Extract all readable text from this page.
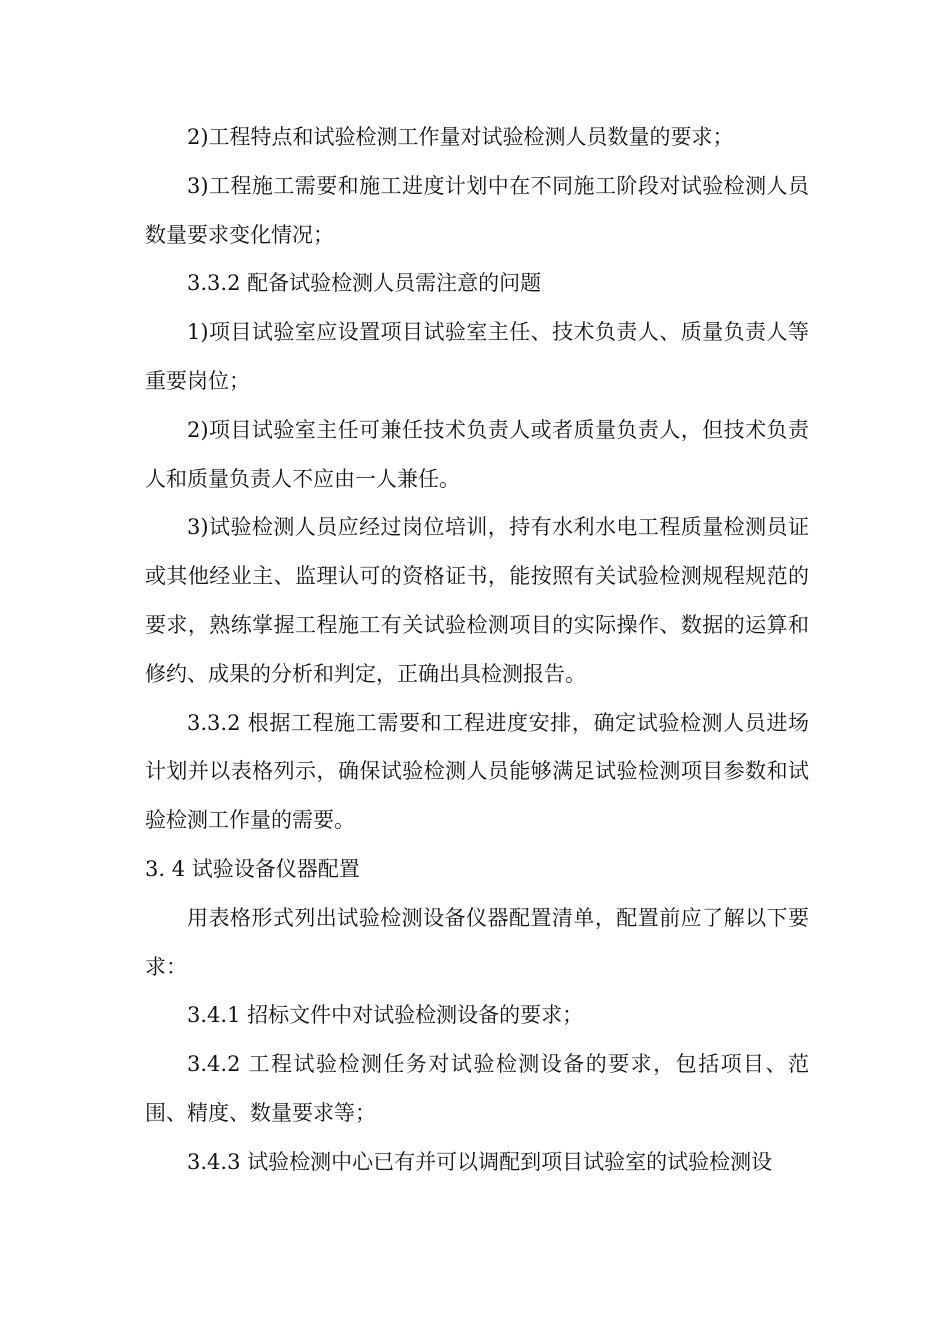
2)工程特点和试验检测工作量对试验检测人员数量的要求；

3)工程施工需要和施工进度计划中在不同施工阶段对试验检测人员数量要求变化情况；

3.3.2 配备试验检测人员需注意的问题

1)项目试验室应设置项目试验室主任、技术负责人、质量负责人等重要岗位；

2)项目试验室主任可兼任技术负责人或者质量负责人，但技术负责人和质量负责人不应由一人兼任。

3)试验检测人员应经过岗位培训，持有水利水电工程质量检测员证或其他经业主、监理认可的资格证书，能按照有关试验检测规程规范的要求，熟练掌握工程施工有关试验检测项目的实际操作、数据的运算和修约、成果的分析和判定，正确出具检测报告。

3.3.2 根据工程施工需要和工程进度安排，确定试验检测人员进场计划并以表格列示，确保试验检测人员能够满足试验检测项目参数和试验检测工作量的需要。

3. 4 试验设备仪器配置

用表格形式列出试验检测设备仪器配置清单，配置前应了解以下要求：

3.4.1 招标文件中对试验检测设备的要求；

3.4.2 工程试验检测任务对试验检测设备的要求，包括项目、范围、精度、数量要求等；

3.4.3 试验检测中心已有并可以调配到项目试验室的试验检测设
